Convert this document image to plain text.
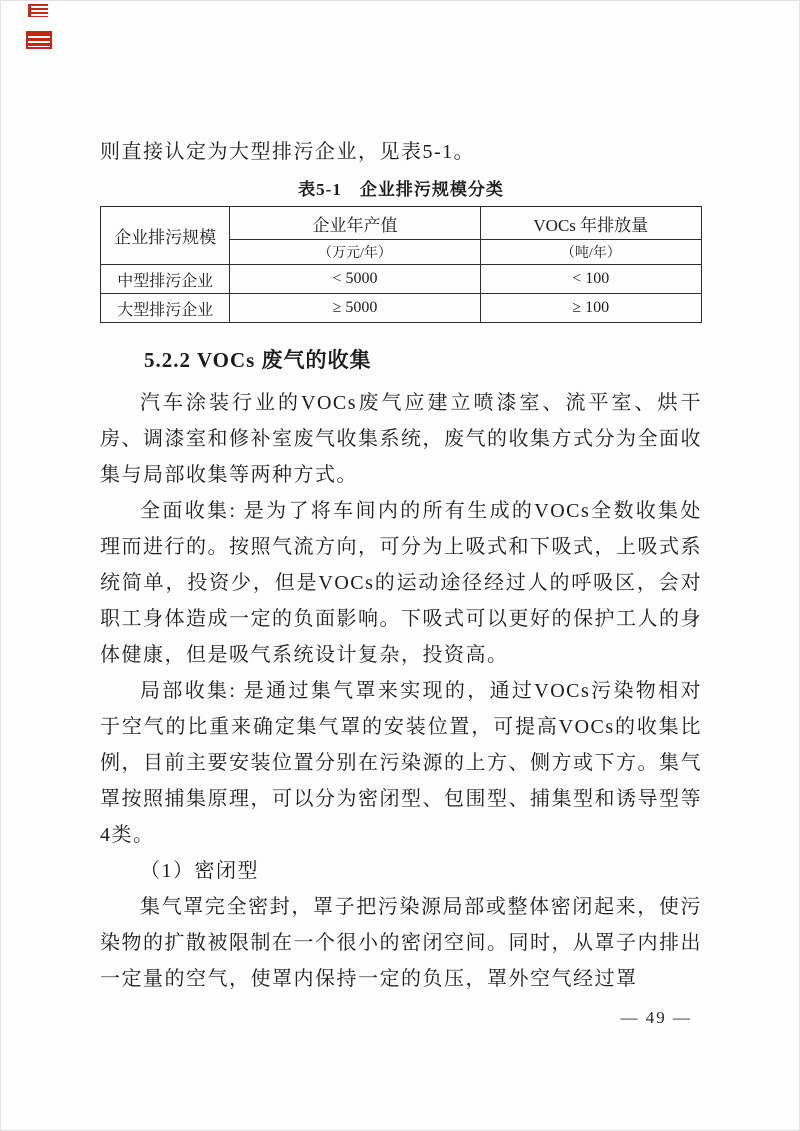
则直接认定为大型排污企业，见表5-1。

表5-1　企业排污规模分类
企业排污规模	企业年产值	VOCs 年排放量
	（万元/年）	（吨/年）
中型排污企业	< 5000	< 100
大型排污企业	≥ 5000	≥ 100
5.2.2 VOCs 废气的收集

汽车涂装行业的VOCs废气应建立喷漆室、流平室、烘干房、调漆室和修补室废气收集系统，废气的收集方式分为全面收集与局部收集等两种方式。

全面收集: 是为了将车间内的所有生成的VOCs全数收集处理而进行的。按照气流方向，可分为上吸式和下吸式，上吸式系统简单，投资少，但是VOCs的运动途径经过人的呼吸区，会对职工身体造成一定的负面影响。下吸式可以更好的保护工人的身体健康，但是吸气系统设计复杂，投资高。

局部收集: 是通过集气罩来实现的，通过VOCs污染物相对于空气的比重来确定集气罩的安装位置，可提高VOCs的收集比例，目前主要安装位置分别在污染源的上方、侧方或下方。集气罩按照捕集原理，可以分为密闭型、包围型、捕集型和诱导型等4类。

（1）密闭型

集气罩完全密封，罩子把污染源局部或整体密闭起来，使污染物的扩散被限制在一个很小的密闭空间。同时，从罩子内排出一定量的空气，使罩内保持一定的负压，罩外空气经过罩

— 49 —
